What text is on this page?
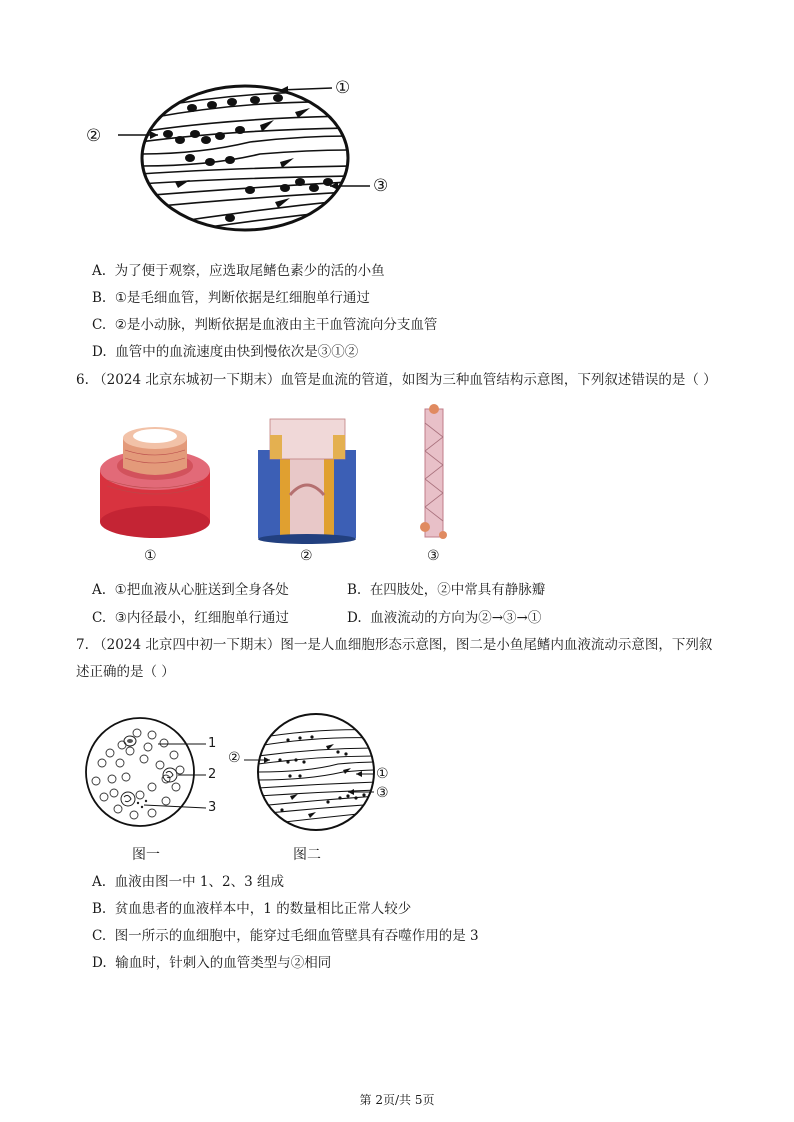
①
②
③
A. 为了便于观察，应选取尾鳍色素少的活的小鱼
B. ①是毛细血管，判断依据是红细胞单行通过
C. ②是小动脉，判断依据是血液由主干血管流向分支血管
D. 血管中的血流速度由快到慢依次是③①②
6. （2024 北京东城初一下期末）血管是血流的管道，如图为三种血管结构示意图，下列叙述错误的是（ ）
①	②	③
A. ①把血液从心脏送到全身各处	B. 在四肢处，②中常具有静脉瓣
C. ③内径最小，红细胞单行通过	D. 血液流动的方向为②→③→①
7. （2024 北京四中初一下期末）图一是人血细胞形态示意图，图二是小鱼尾鳍内血液流动示意图，下列叙
述正确的是（ ）
1
2
3
图一
②
①
③
图二
A. 血液由图一中 1、2、3 组成
B. 贫血患者的血液样本中，1 的数量相比正常人较少
C. 图一所示的血细胞中，能穿过毛细血管壁具有吞噬作用的是 3
D. 输血时，针刺入的血管类型与②相同
第 2页/共 5页
